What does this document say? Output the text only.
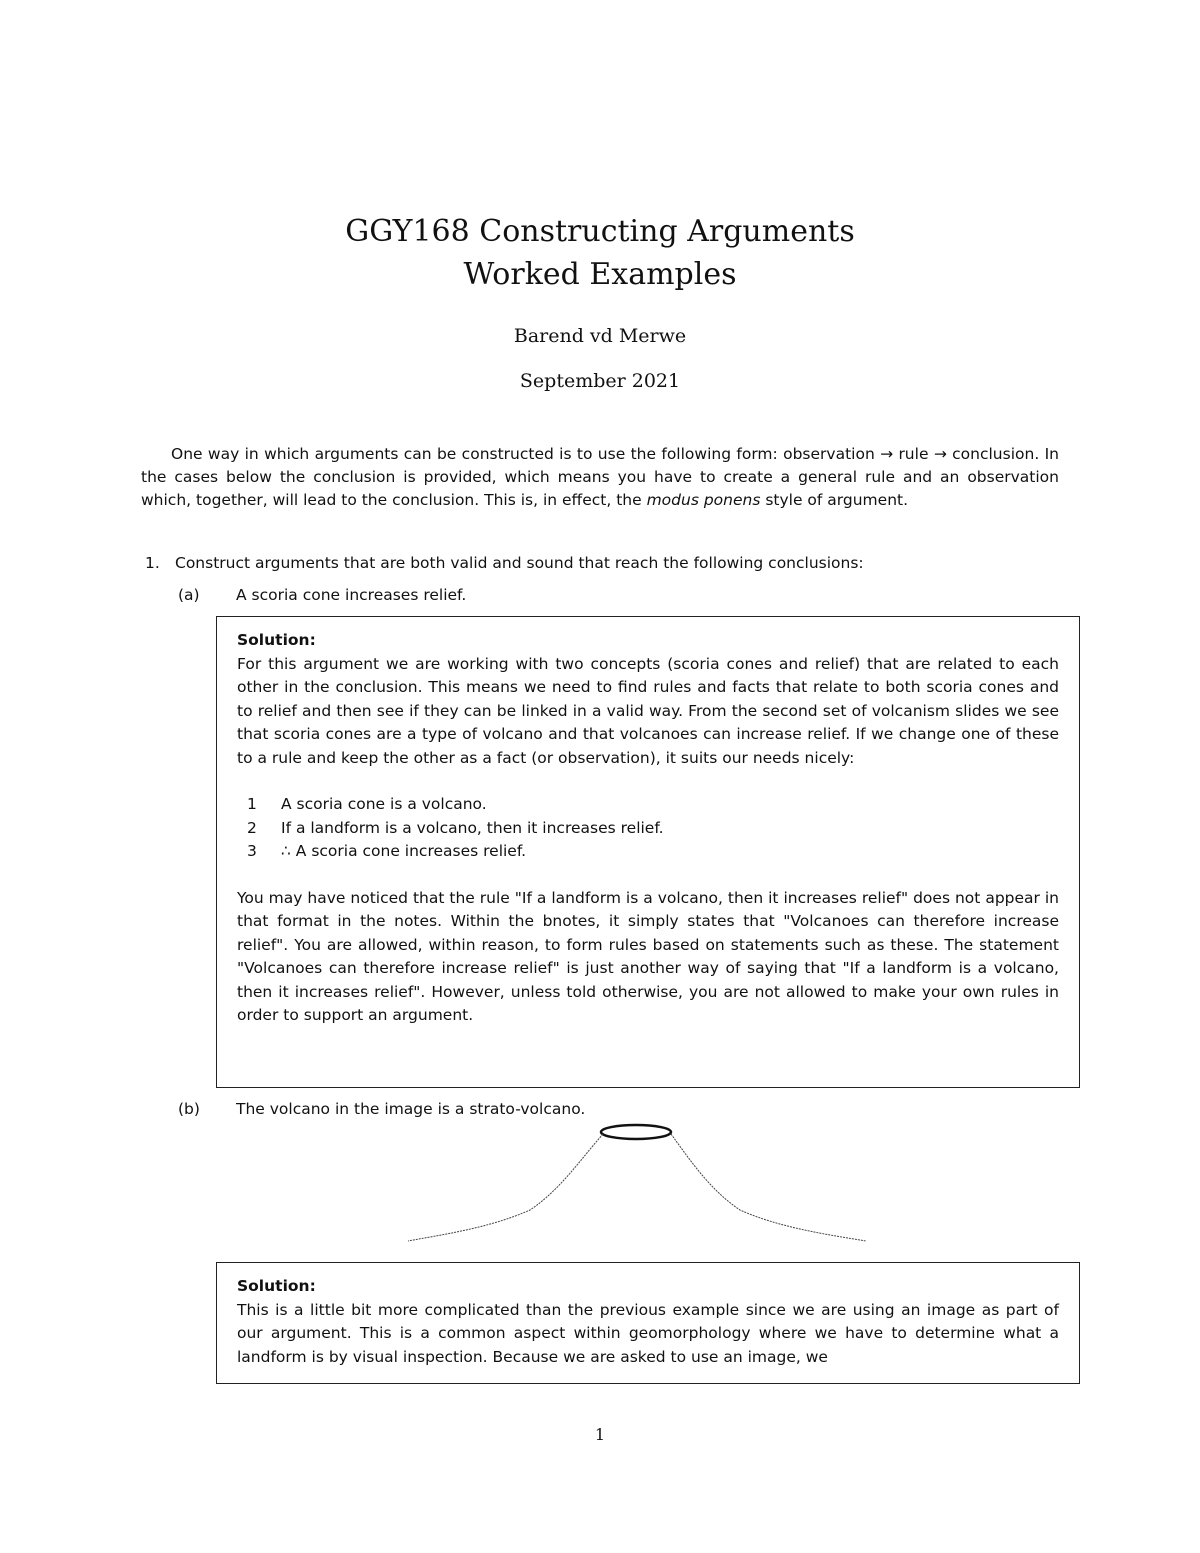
GGY168 Constructing Arguments
Worked Examples
Barend vd Merwe
September 2021

One way in which arguments can be constructed is to use the following form: observation → rule → conclusion. In the cases below the conclusion is provided, which means you have to create a general rule and an observation which, together, will lead to the conclusion. This is, in effect, the modus ponens style of argument.

1. Construct arguments that are both valid and sound that reach the following conclusions:
(a) A scoria cone increases relief.
Solution:

For this argument we are working with two concepts (scoria cones and relief) that are related to each other in the conclusion. This means we need to find rules and facts that relate to both scoria cones and to relief and then see if they can be linked in a valid way. From the second set of volcanism slides we see that scoria cones are a type of volcano and that volcanoes can increase relief. If we change one of these to a rule and keep the other as a fact (or observation), it suits our needs nicely:

1	A scoria cone is a volcano.
2	If a landform is a volcano, then it increases relief.
3	∴ A scoria cone increases relief.

You may have noticed that the rule "If a landform is a volcano, then it increases relief" does not appear in that format in the notes. Within the bnotes, it simply states that "Volcanoes can therefore increase relief". You are allowed, within reason, to form rules based on statements such as these. The statement "Volcanoes can therefore increase relief" is just another way of saying that "If a landform is a volcano, then it increases relief". However, unless told otherwise, you are not allowed to make your own rules in order to support an argument.

(b) The volcano in the image is a strato-volcano.
Solution:

This is a little bit more complicated than the previous example since we are using an image as part of our argument. This is a common aspect within geomorphology where we have to determine what a landform is by visual inspection. Because we are asked to use an image, we

1
